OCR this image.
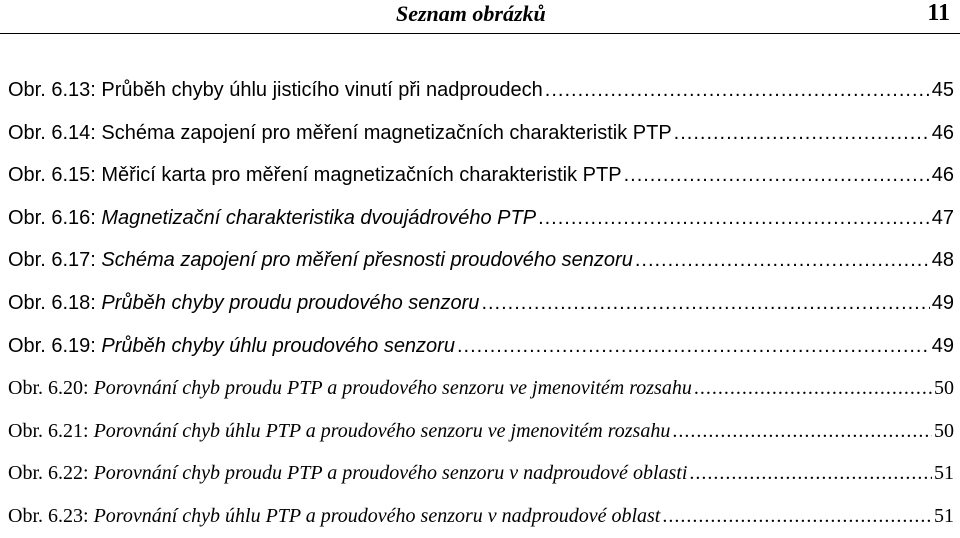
Seznam obrázků	11
Obr. 6.13: Průběh chyby úhlu jisticího vinutí při nadproudech .....	45
Obr. 6.14: Schéma zapojení pro měření magnetizačních charakteristik PTP .....	46
Obr. 6.15: Měřicí karta pro měření magnetizačních charakteristik PTP .....	46
Obr. 6.16: Magnetizační charakteristika dvoujádrového PTP .....	47
Obr. 6.17: Schéma zapojení pro měření přesnosti proudového senzoru .....	48
Obr. 6.18: Průběh chyby proudu proudového senzoru .....	49
Obr. 6.19: Průběh chyby úhlu proudového senzoru .....	49
Obr. 6.20: Porovnání chyb proudu PTP a proudového senzoru ve jmenovitém rozsahu .....	50
Obr. 6.21: Porovnání chyb úhlu PTP a proudového senzoru ve jmenovitém rozsahu .....	50
Obr. 6.22: Porovnání chyb proudu PTP a proudového senzoru v nadproudové oblasti .....	51
Obr. 6.23: Porovnání chyb úhlu PTP a proudového senzoru v nadproudové oblast .....	51
